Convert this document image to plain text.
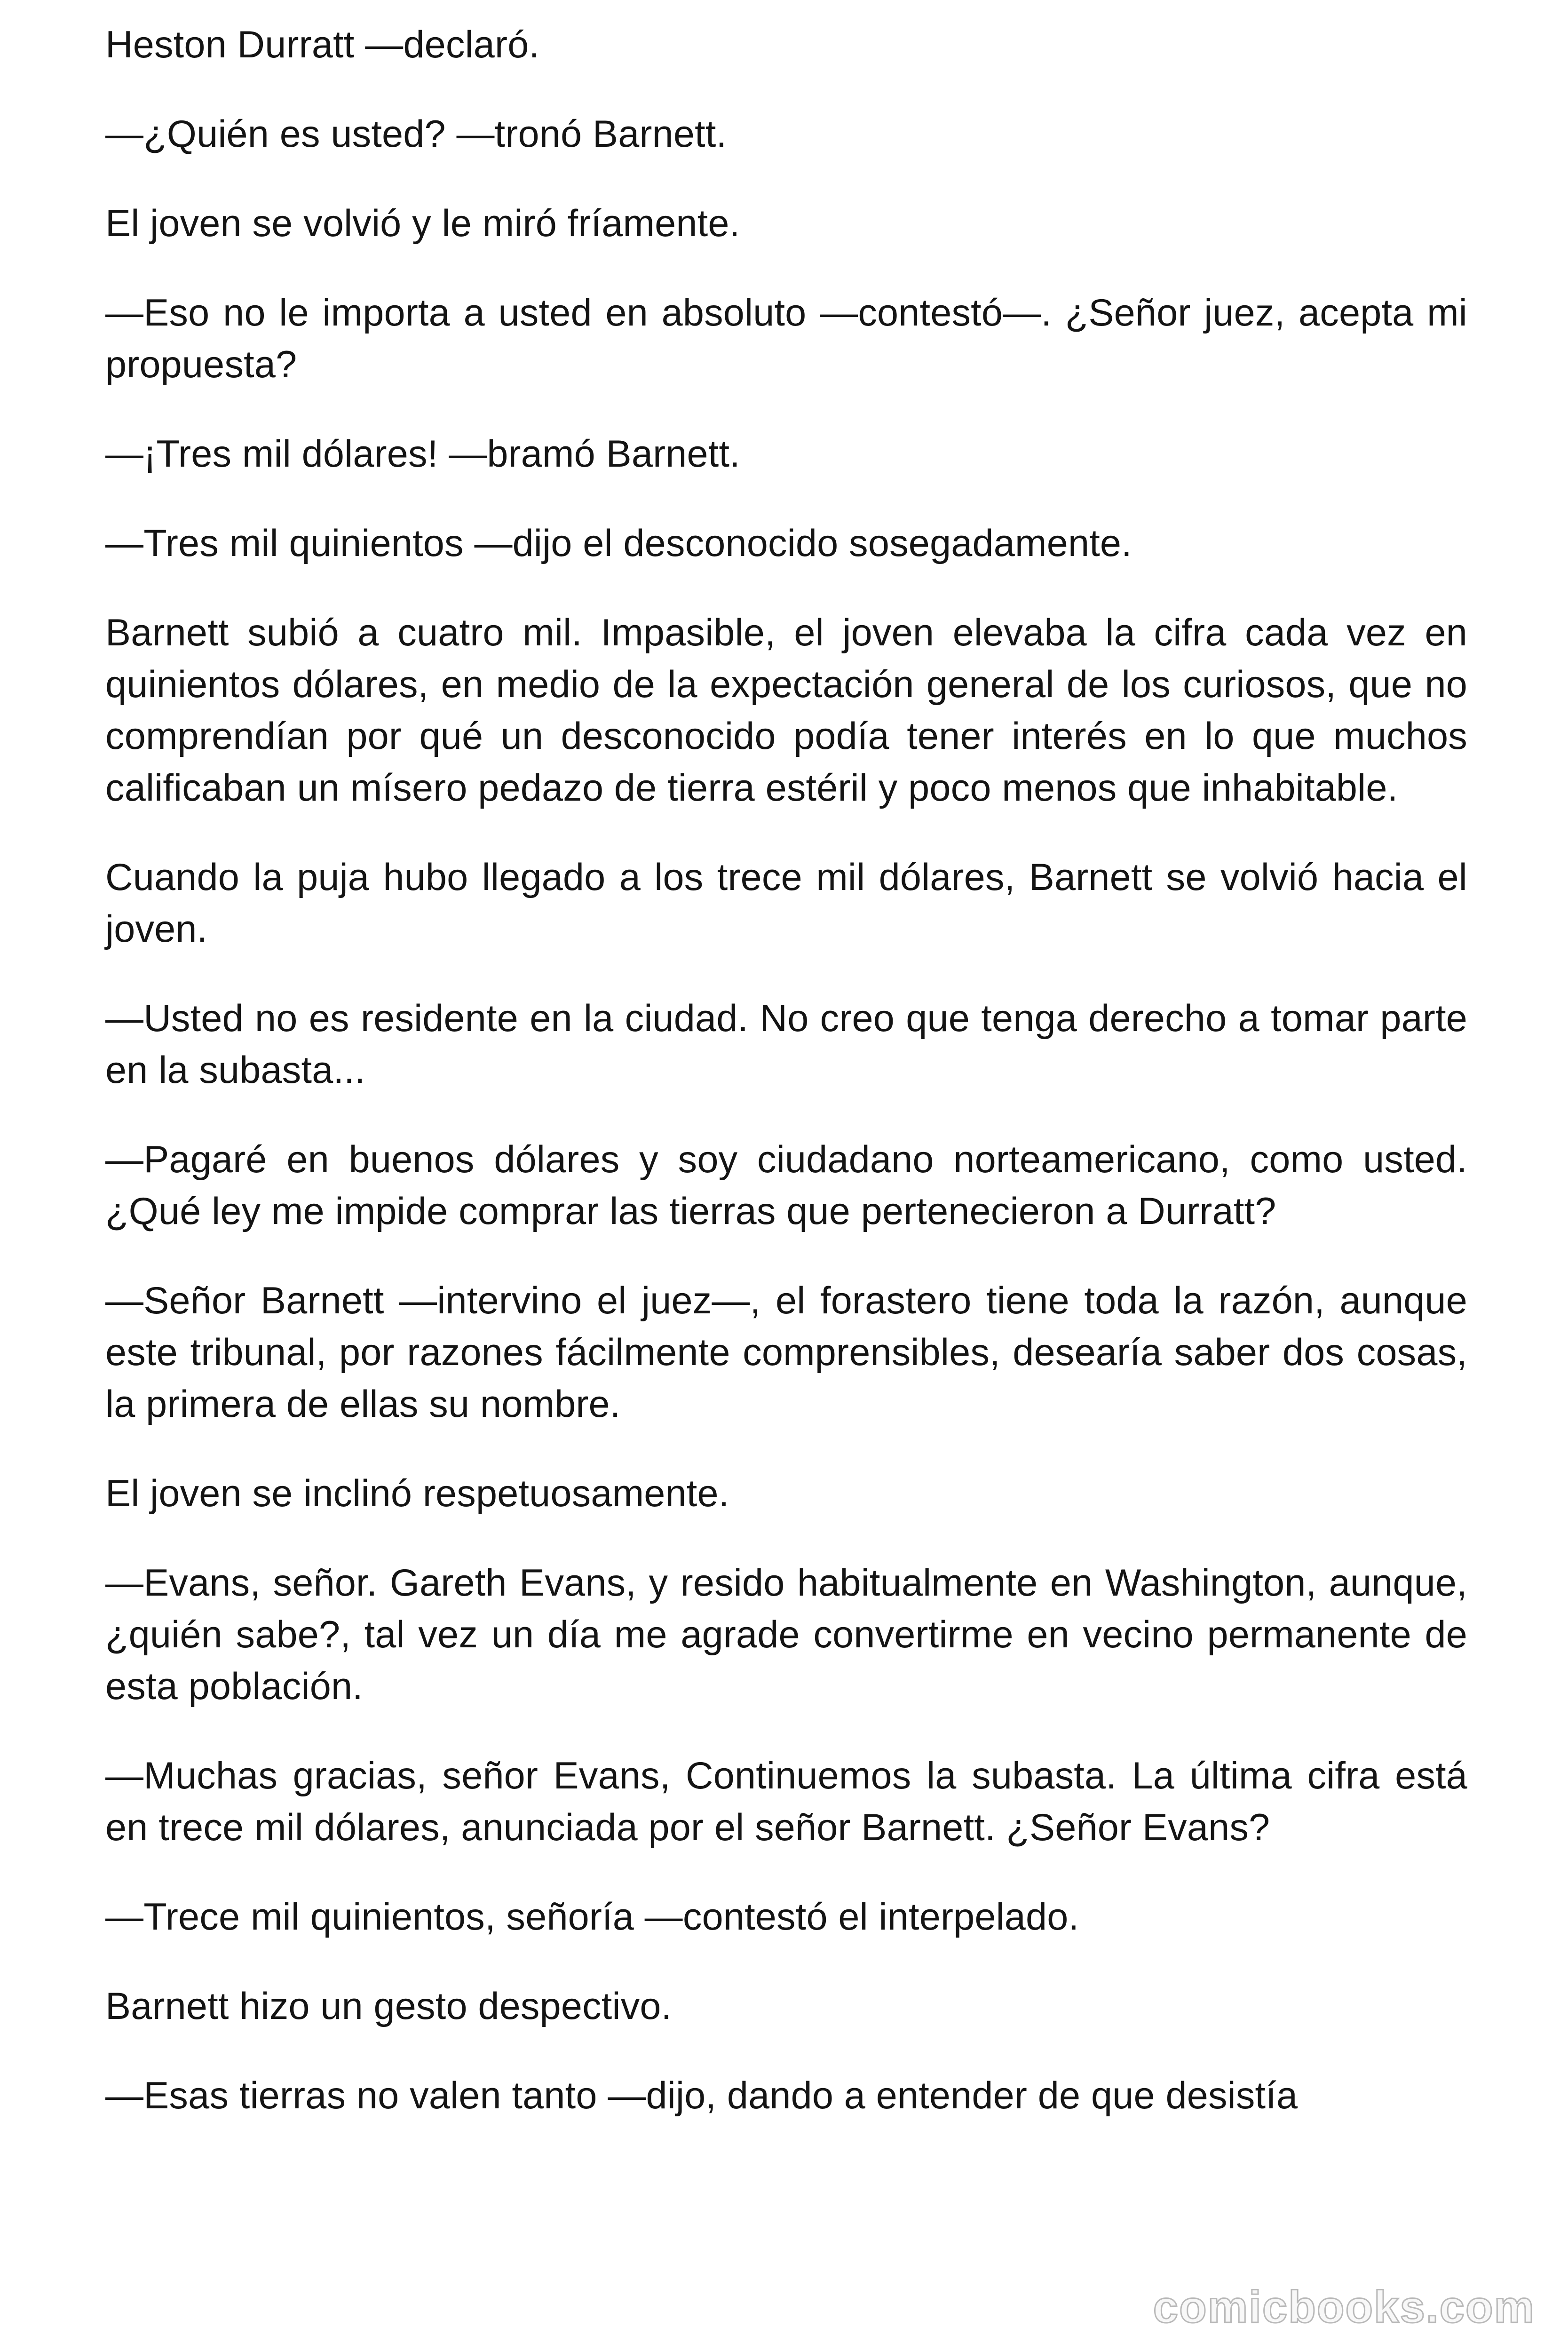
Heston Durratt —declaró.

—¿Quién es usted? —tronó Barnett.

El joven se volvió y le miró fríamente.

—Eso no le importa a usted en absoluto —contestó—. ¿Señor juez, acepta mi propuesta?

—¡Tres mil dólares! —bramó Barnett.

—Tres mil quinientos —dijo el desconocido sosegadamente.

Barnett subió a cuatro mil. Impasible, el joven elevaba la cifra cada vez en quinientos dólares, en medio de la expectación general de los curiosos, que no comprendían por qué un desconocido podía tener interés en lo que muchos calificaban un mísero pedazo de tierra estéril y poco menos que inhabitable.

Cuando la puja hubo llegado a los trece mil dólares, Barnett se volvió hacia el joven.

—Usted no es residente en la ciudad. No creo que tenga derecho a tomar parte en la subasta...

—Pagaré en buenos dólares y soy ciudadano norteamericano, como usted. ¿Qué ley me impide comprar las tierras que pertenecieron a Durratt?

—Señor Barnett —intervino el juez—, el forastero tiene toda la razón, aunque este tribunal, por razones fácilmente comprensibles, desearía saber dos cosas, la primera de ellas su nombre.

El joven se inclinó respetuosamente.

—Evans, señor. Gareth Evans, y resido habitualmente en Washington, aunque, ¿quién sabe?, tal vez un día me agrade convertirme en vecino permanente de esta población.

—Muchas gracias, señor Evans, Continuemos la subasta. La última cifra está en trece mil dólares, anunciada por el señor Barnett. ¿Señor Evans?

—Trece mil quinientos, señoría —contestó el interpelado.

Barnett hizo un gesto despectivo.

—Esas tierras no valen tanto —dijo, dando a entender de que desistía

comicbooks.com
